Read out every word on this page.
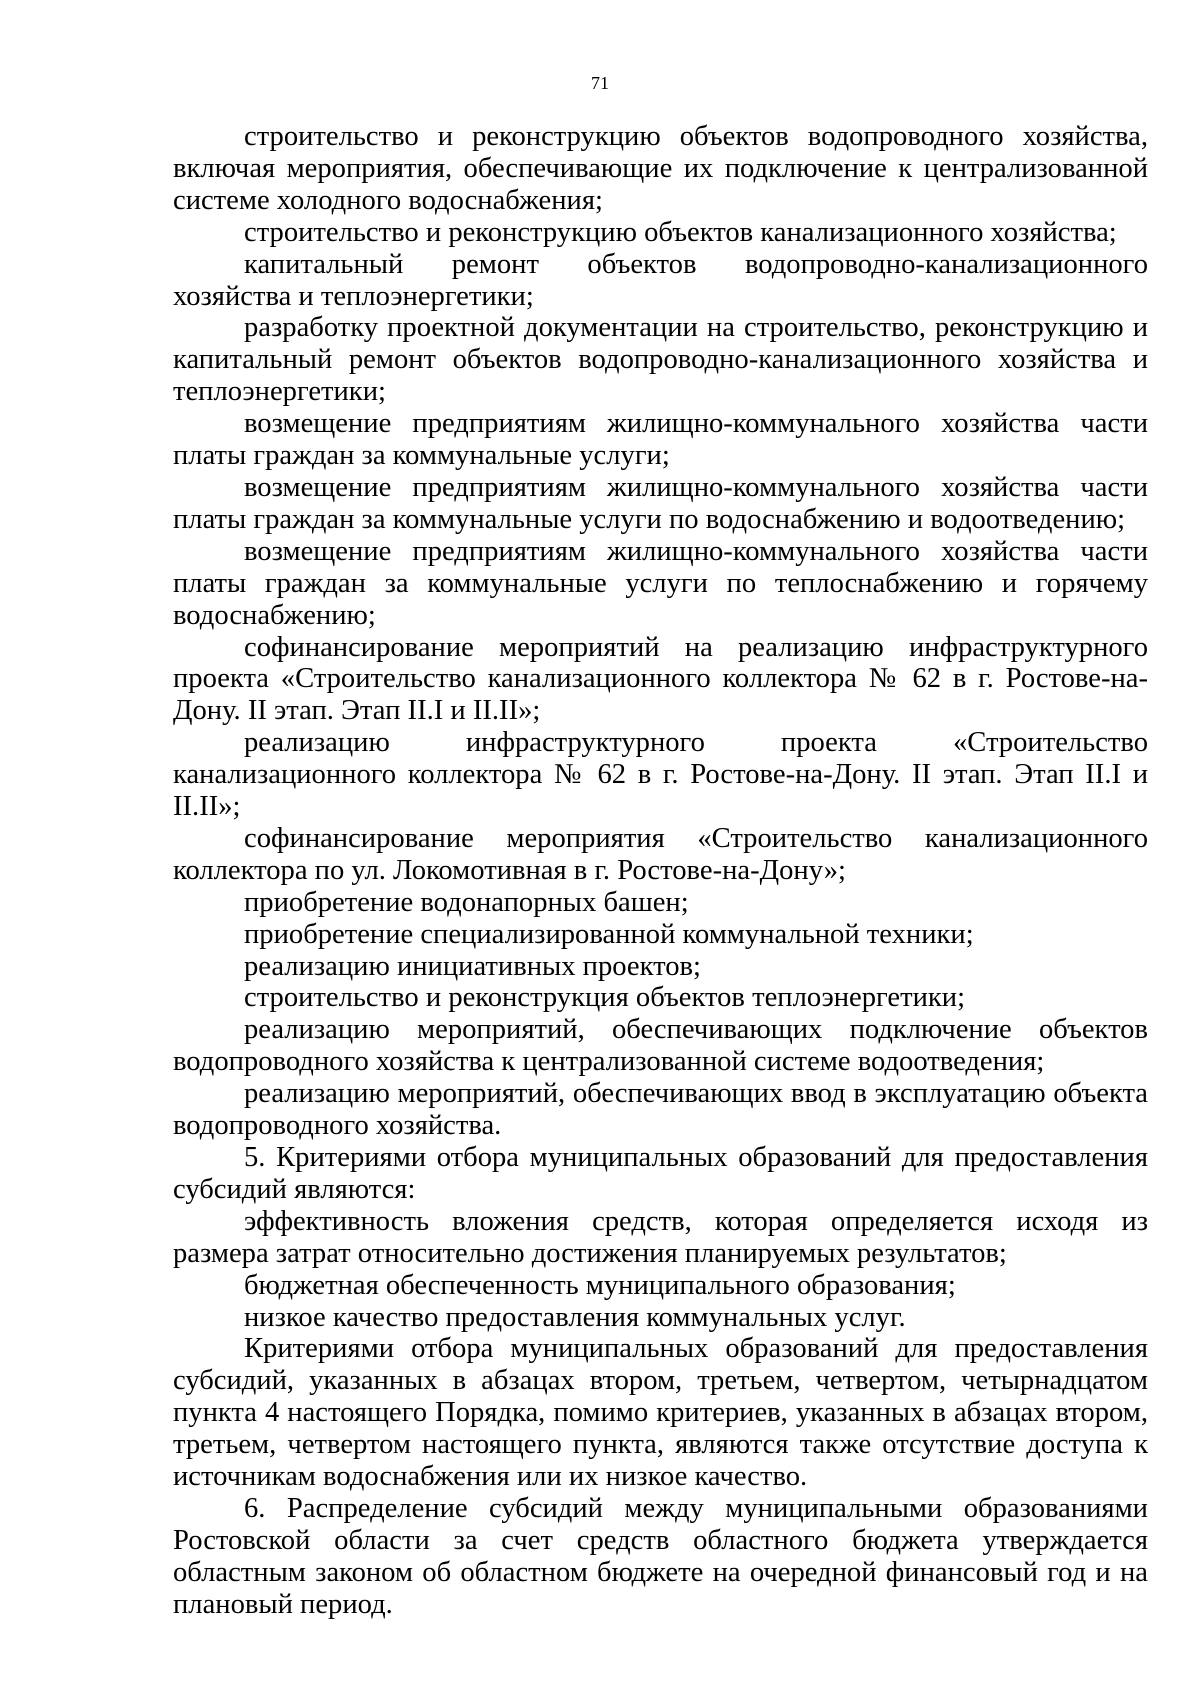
71

строительство и реконструкцию объектов водопроводного хозяйства, включая мероприятия, обеспечивающие их подключение к централизованной системе холодного водоснабжения;

строительство и реконструкцию объектов канализационного хозяйства;

капитальный ремонт объектов водопроводно-канализационного хозяйства и теплоэнергетики;

разработку проектной документации на строительство, реконструкцию и капитальный ремонт объектов водопроводно-канализационного хозяйства и теплоэнергетики;

возмещение предприятиям жилищно-коммунального хозяйства части платы граждан за коммунальные услуги;

возмещение предприятиям жилищно-коммунального хозяйства части платы граждан за коммунальные услуги по водоснабжению и водоотведению;

возмещение предприятиям жилищно-коммунального хозяйства части платы граждан за коммунальные услуги по теплоснабжению и горячему водоснабжению;

софинансирование мероприятий на реализацию инфраструктурного проекта «Строительство канализационного коллектора № 62 в г. Ростове-на-Дону. II этап. Этап II.I и II.II»;

реализацию инфраструктурного проекта «Строительство канализационного коллектора № 62 в г. Ростове-на-Дону. II этап. Этап II.I и II.II»;

софинансирование мероприятия «Строительство канализационного коллектора по ул. Локомотивная в г. Ростове-на-Дону»;

приобретение водонапорных башен;

приобретение специализированной коммунальной техники;

реализацию инициативных проектов;

строительство и реконструкция объектов теплоэнергетики;

реализацию мероприятий, обеспечивающих подключение объектов водопроводного хозяйства к централизованной системе водоотведения;

реализацию мероприятий, обеспечивающих ввод в эксплуатацию объекта водопроводного хозяйства.

5. Критериями отбора муниципальных образований для предоставления субсидий являются:

эффективность вложения средств, которая определяется исходя из размера затрат относительно достижения планируемых результатов;

бюджетная обеспеченность муниципального образования;

низкое качество предоставления коммунальных услуг.

Критериями отбора муниципальных образований для предоставления субсидий, указанных в абзацах втором, третьем, четвертом, четырнадцатом пункта 4 настоящего Порядка, помимо критериев, указанных в абзацах втором, третьем, четвертом настоящего пункта, являются также отсутствие доступа к источникам водоснабжения или их низкое качество.

6. Распределение субсидий между муниципальными образованиями Ростовской области за счет средств областного бюджета утверждается областным законом об областном бюджете на очередной финансовый год и на плановый период.
